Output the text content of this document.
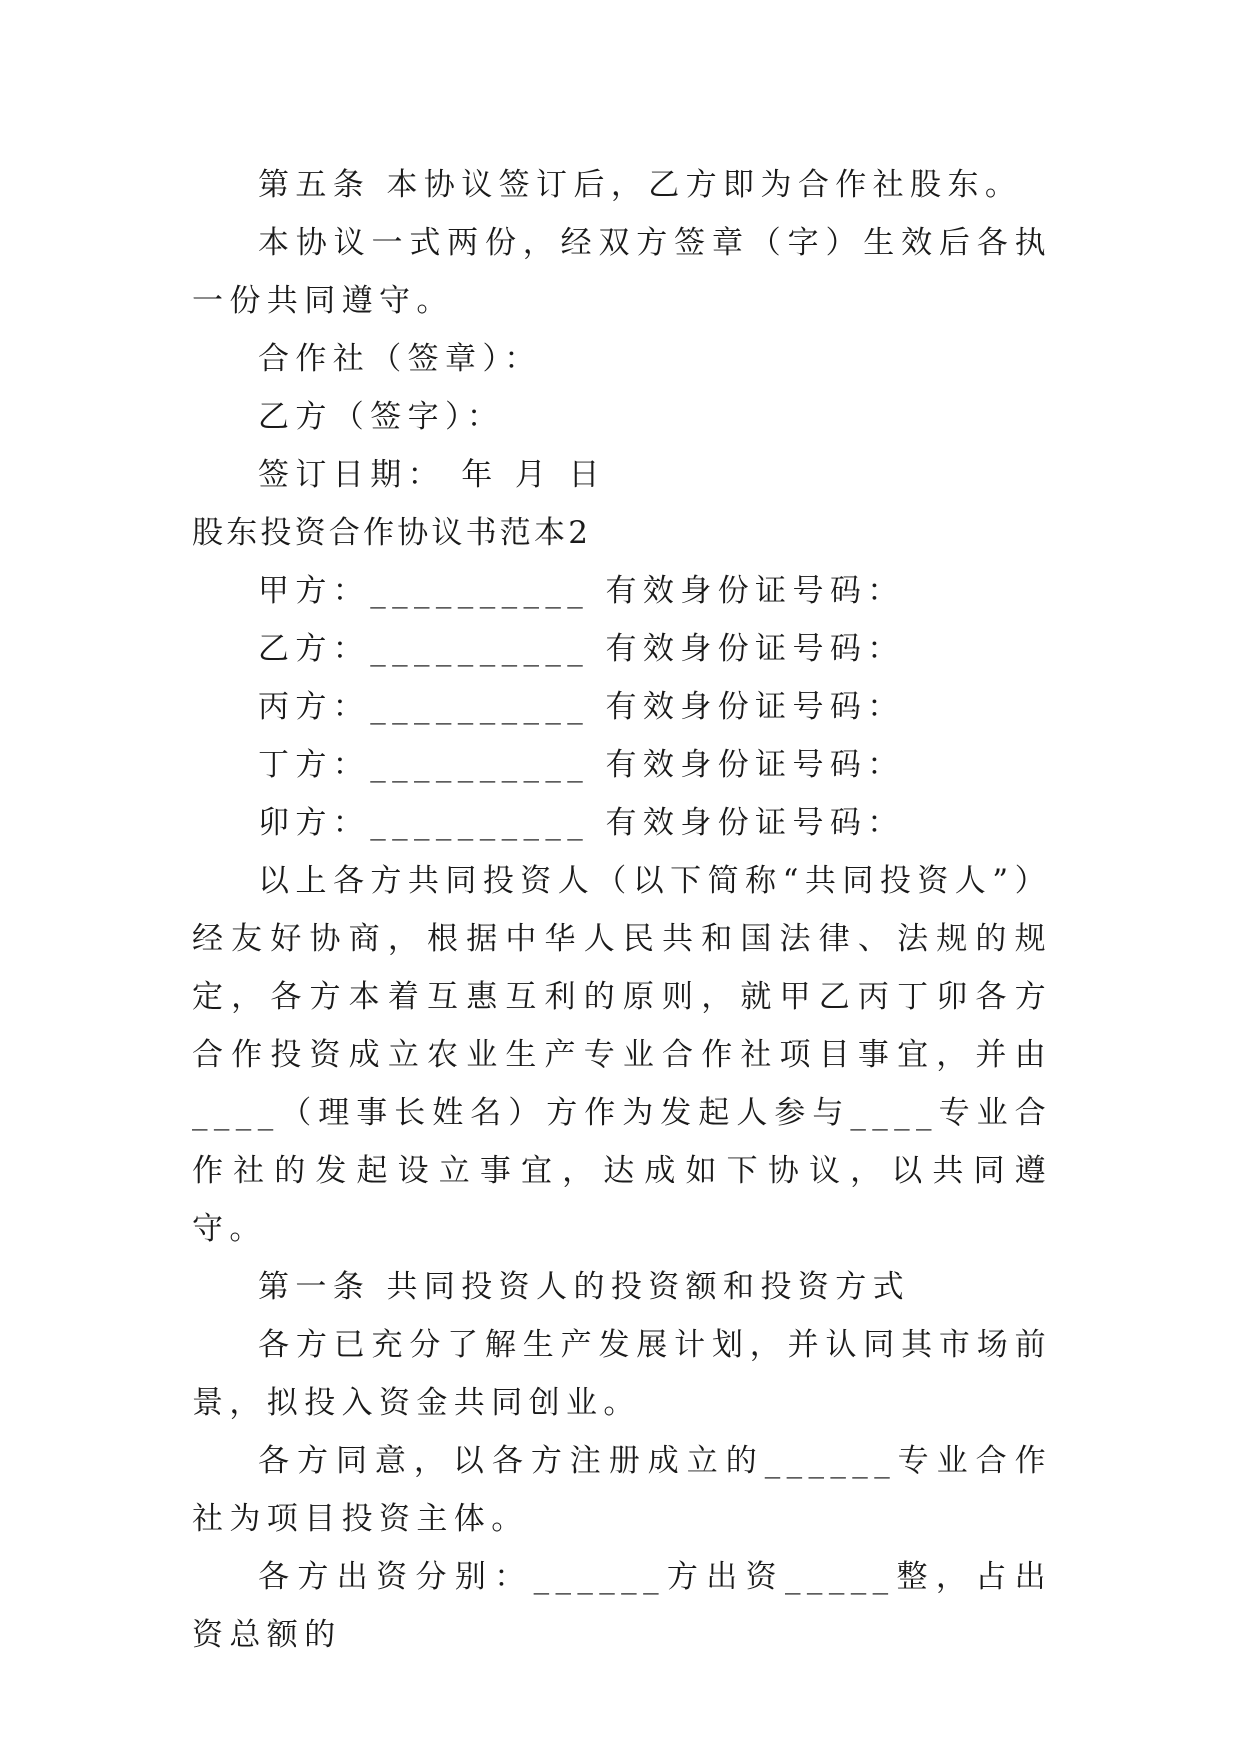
第五条 本协议签订后，乙方即为合作社股东。

本协议一式两份，经双方签章（字）生效后各执一份共同遵守。

合作社（签章）：

乙方（签字）：

签订日期： 年 月 日

股东投资合作协议书范本2

甲方：__________ 有效身份证号码：

乙方：__________ 有效身份证号码：

丙方：__________ 有效身份证号码：

丁方：__________ 有效身份证号码：

卯方：__________ 有效身份证号码：

以上各方共同投资人（以下简称“共同投资人”）经友好协商，根据中华人民共和国法律、法规的规定，各方本着互惠互利的原则，就甲乙丙丁卯各方合作投资成立农业生产专业合作社项目事宜，并由____（理事长姓名）方作为发起人参与____专业合作社的发起设立事宜，达成如下协议，以共同遵守。

第一条 共同投资人的投资额和投资方式

各方已充分了解生产发展计划，并认同其市场前景，拟投入资金共同创业。

各方同意，以各方注册成立的______专业合作社为项目投资主体。

各方出资分别：______方出资_____整，占出资总额的
